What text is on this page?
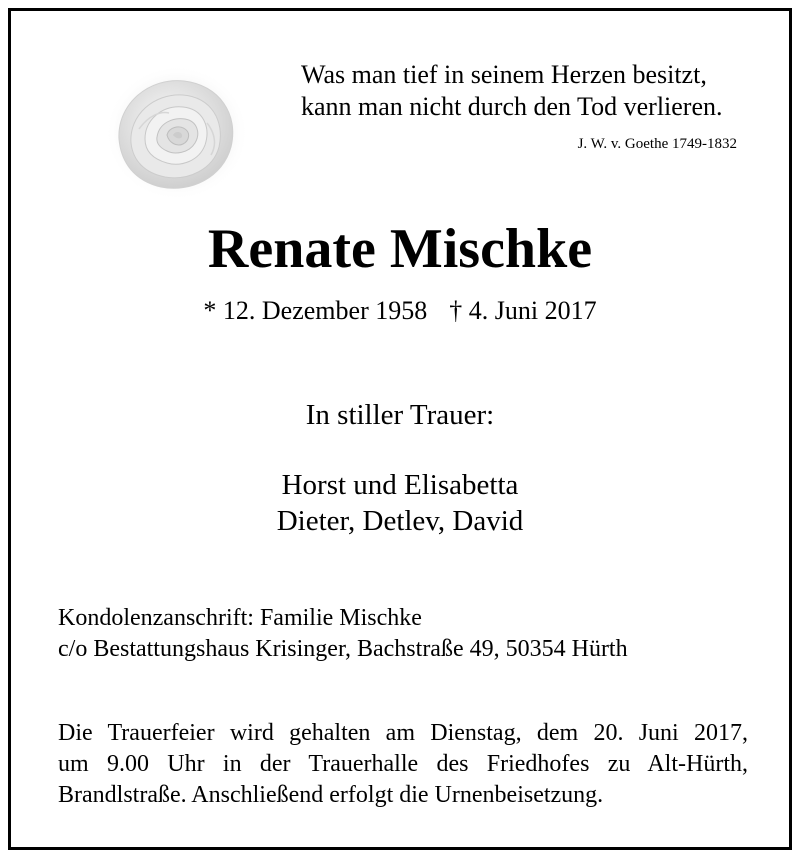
Was man tief in seinem Herzen besitzt,
kann man nicht durch den Tod verlieren.
J. W. v. Goethe 1749-1832
Renate Mischke
* 12. Dezember 1958 † 4. Juni 2017
In stiller Trauer:
Horst und Elisabetta
Dieter, Detlev, David
Kondolenzanschrift: Familie Mischke
c/o Bestattungshaus Krisinger, Bachstraße 49, 50354 Hürth
Die Trauerfeier wird gehalten am Dienstag, dem 20. Juni 2017,
um 9.00 Uhr in der Trauerhalle des Friedhofes zu Alt-Hürth,
Brandlstraße. Anschließend erfolgt die Urnenbeisetzung.
